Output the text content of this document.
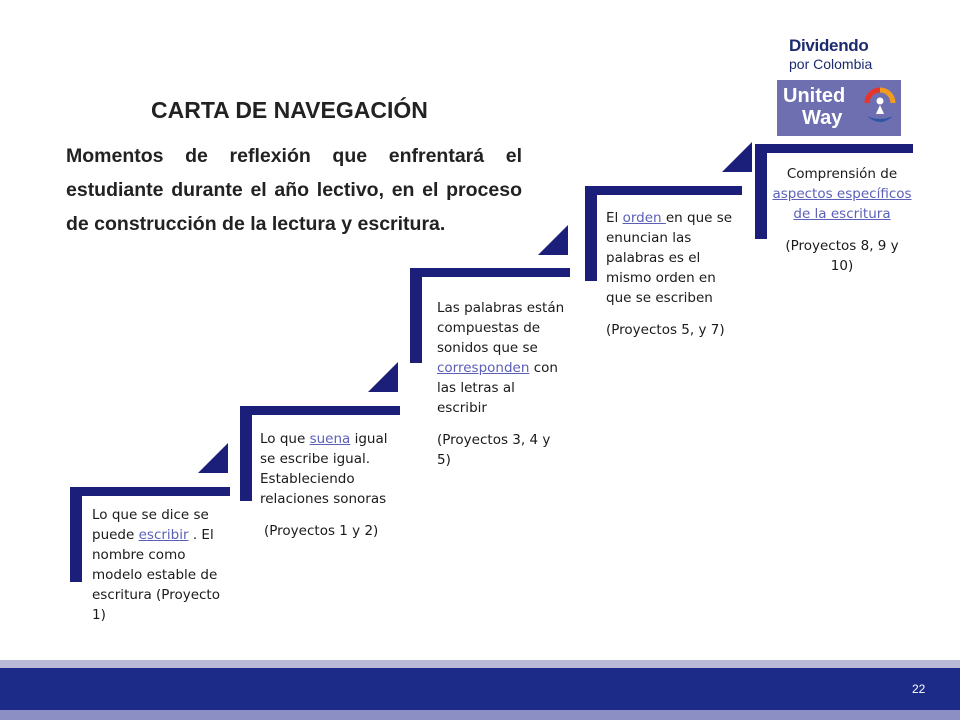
Dividendo
por Colombia
United
Way
CARTA DE NAVEGACIÓN
Momentos de reflexión que enfrentará el estudiante durante el año lectivo, en el proceso de construcción de la lectura y escritura.

Lo que se dice se puede escribir . El nombre como modelo estable de escritura (Proyecto 1)

Lo que suena igual se escribe igual. Estableciendo relaciones sonoras

(Proyectos 1 y 2)

Las palabras están compuestas de sonidos que se corresponden con las letras al escribir

(Proyectos 3, 4 y 5)

El orden en que se enuncian las palabras es el mismo orden en que se escriben

(Proyectos 5, y 7)

Comprensión de aspectos específicos de la escritura

(Proyectos 8, 9 y 10)

22
